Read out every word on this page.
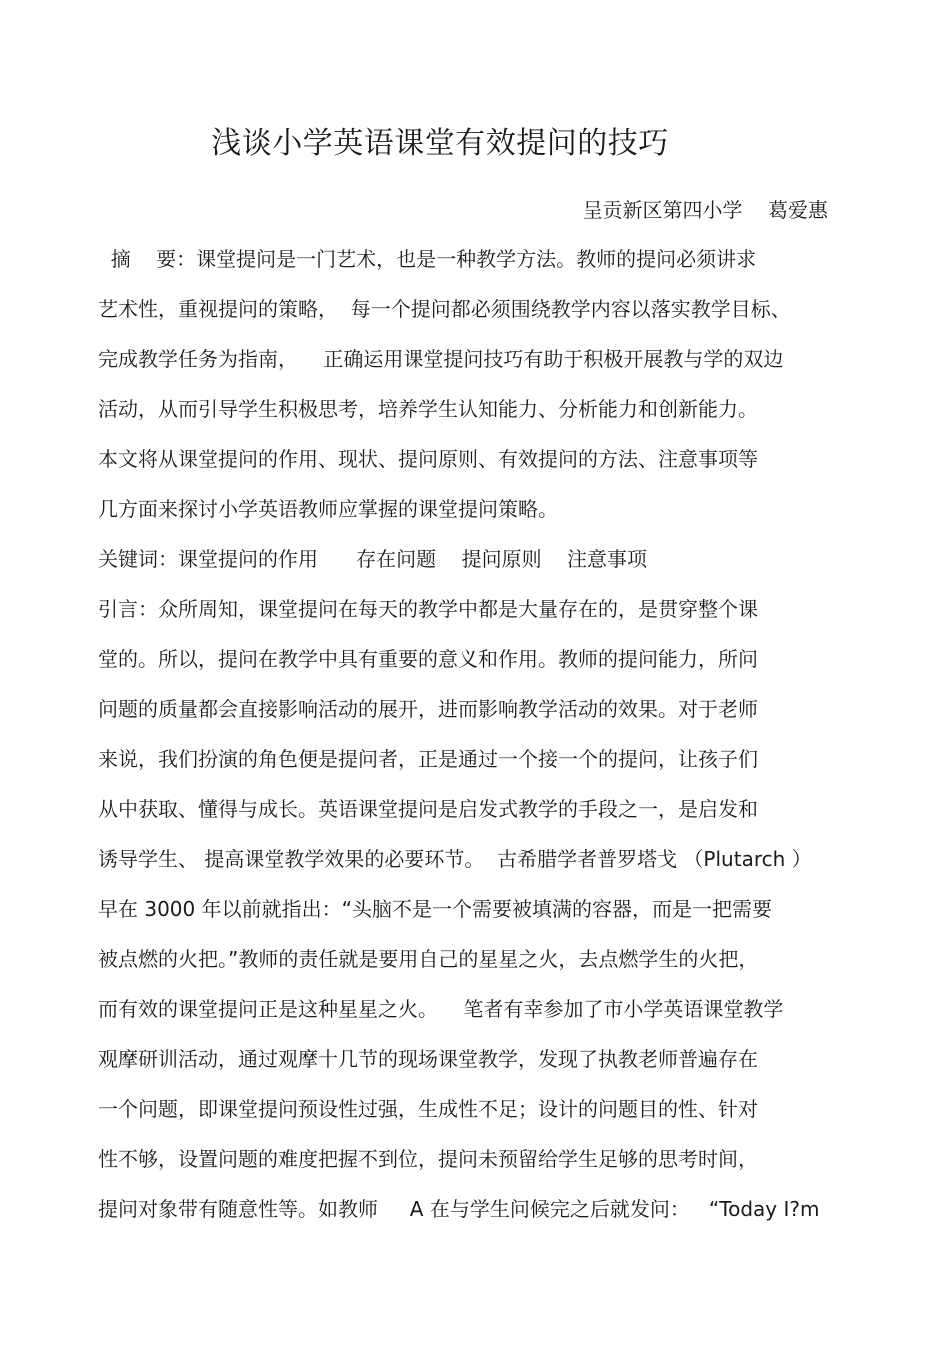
浅谈小学英语课堂有效提问的技巧
呈贡新区第四小学    葛爱惠
摘    要：课堂提问是一门艺术，也是一种教学方法。教师的提问必须讲求
艺术性，重视提问的策略，  每一个提问都必须围绕教学内容以落实教学目标、
完成教学任务为指南，    正确运用课堂提问技巧有助于积极开展教与学的双边
活动，从而引导学生积极思考，培养学生认知能力、分析能力和创新能力。
本文将从课堂提问的作用、现状、提问原则、有效提问的方法、注意事项等
几方面来探讨小学英语教师应掌握的课堂提问策略。
关键词：课堂提问的作用      存在问题    提问原则    注意事项
引言：众所周知，课堂提问在每天的教学中都是大量存在的，是贯穿整个课
堂的。所以，提问在教学中具有重要的意义和作用。教师的提问能力，所问
问题的质量都会直接影响活动的展开，进而影响教学活动的效果。对于老师
来说，我们扮演的角色便是提问者，正是通过一个接一个的提问，让孩子们
从中获取、懂得与成长。英语课堂提问是启发式教学的手段之一，是启发和
诱导学生、 提高课堂教学效果的必要环节。  古希腊学者普罗塔戈 （Plutarch ）
早在 3000 年以前就指出：“头脑不是一个需要被填满的容器，而是一把需要
被点燃的火把。”教师的责任就是要用自己的星星之火，去点燃学生的火把，
而有效的课堂提问正是这种星星之火。    笔者有幸参加了市小学英语课堂教学
观摩研训活动，通过观摩十几节的现场课堂教学，发现了执教老师普遍存在
一个问题，即课堂提问预设性过强，生成性不足；设计的问题目的性、针对
性不够，设置问题的难度把握不到位，提问未预留给学生足够的思考时间，
提问对象带有随意性等。如教师     A 在与学生问候完之后就发问：   “Today I?m
